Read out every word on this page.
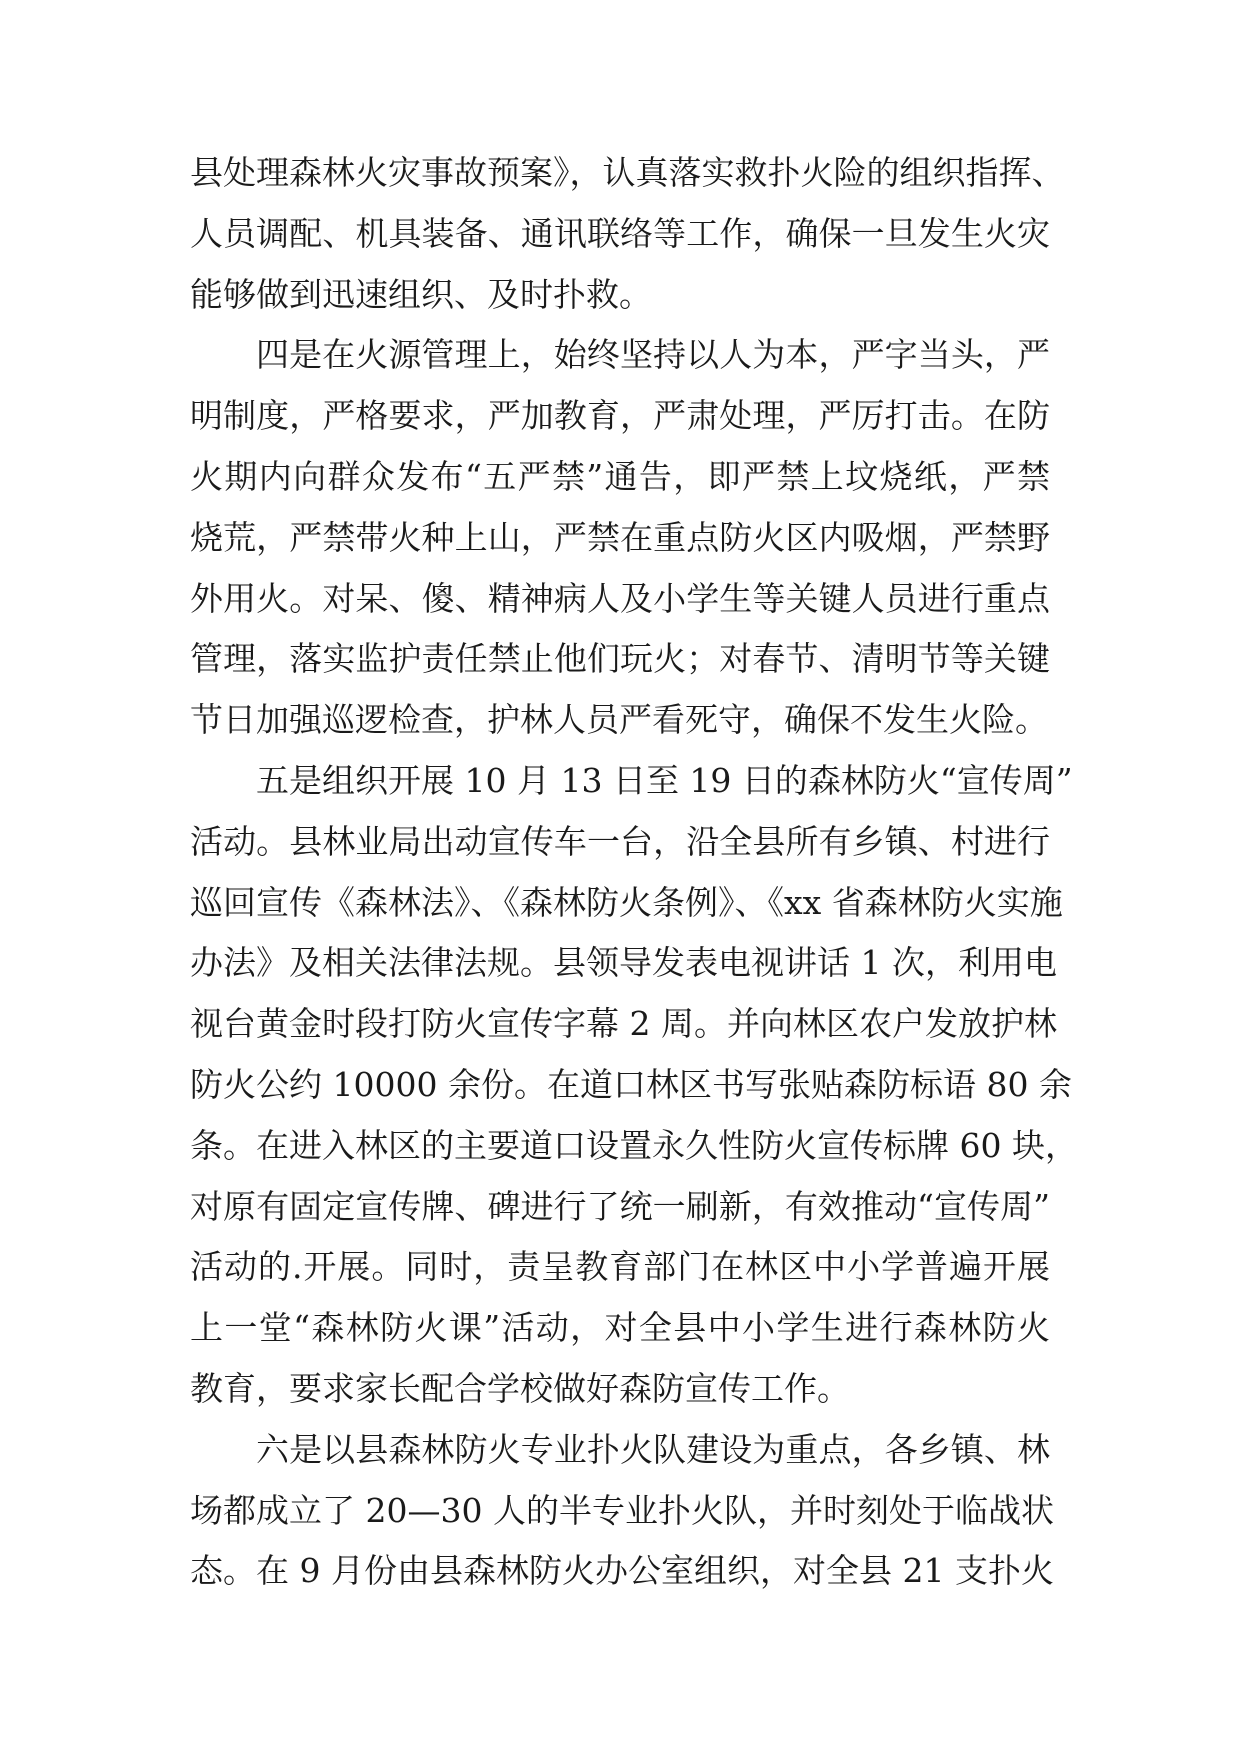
县处理森林火灾事故预案》，认真落实救扑火险的组织指挥、
人员调配、机具装备、通讯联络等工作，确保一旦发生火灾
能够做到迅速组织、及时扑救。
四是在火源管理上，始终坚持以人为本，严字当头，严
明制度，严格要求，严加教育，严肃处理，严厉打击。在防
火期内向群众发布“五严禁”通告，即严禁上坟烧纸，严禁
烧荒，严禁带火种上山，严禁在重点防火区内吸烟，严禁野
外用火。对呆、傻、精神病人及小学生等关键人员进行重点
管理，落实监护责任禁止他们玩火；对春节、清明节等关键
节日加强巡逻检查，护林人员严看死守，确保不发生火险。
五是组织开展 10 月 13 日至 19 日的森林防火“宣传周”
活动。县林业局出动宣传车一台，沿全县所有乡镇、村进行
巡回宣传《森林法》、《森林防火条例》、《xx 省森林防火实施
办法》及相关法律法规。县领导发表电视讲话 1 次，利用电
视台黄金时段打防火宣传字幕 2 周。并向林区农户发放护林
防火公约 10000 余份。在道口林区书写张贴森防标语 80 余
条。在进入林区的主要道口设置永久性防火宣传标牌 60 块，
对原有固定宣传牌、碑进行了统一刷新，有效推动“宣传周”
活动的.开展。同时，责呈教育部门在林区中小学普遍开展
上一堂“森林防火课”活动，对全县中小学生进行森林防火
教育，要求家长配合学校做好森防宣传工作。
六是以县森林防火专业扑火队建设为重点，各乡镇、林
场都成立了 20—30 人的半专业扑火队，并时刻处于临战状
态。在 9 月份由县森林防火办公室组织，对全县 21 支扑火
